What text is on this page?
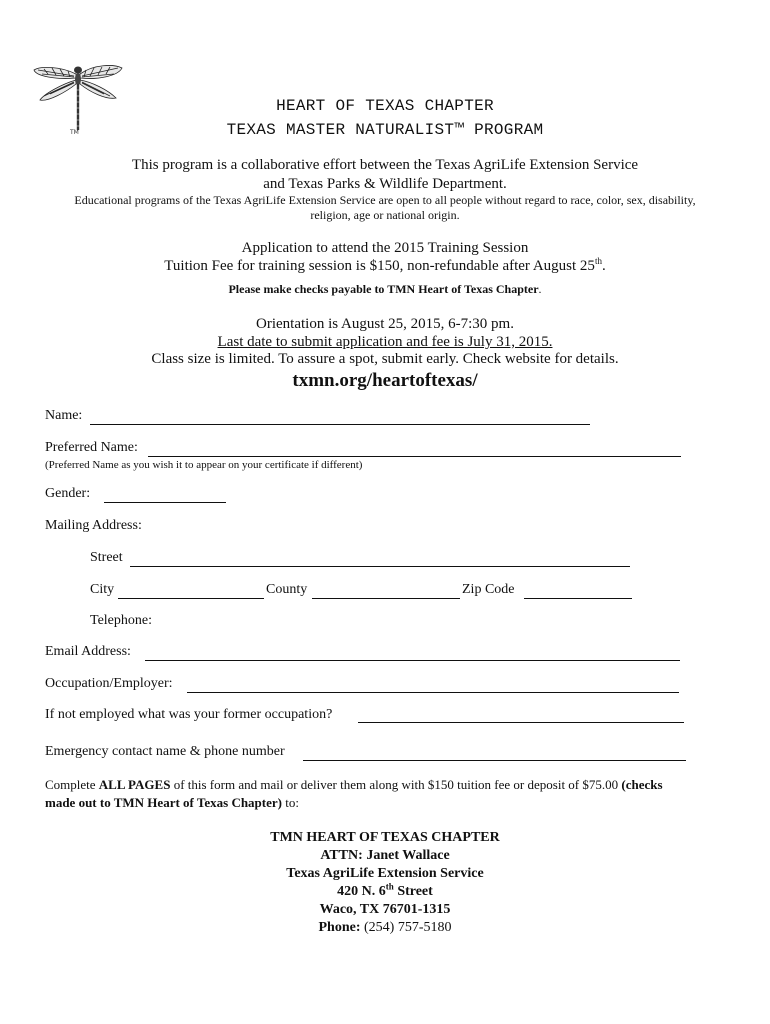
TM
HEART OF TEXAS CHAPTER
TEXAS MASTER NATURALIST™ PROGRAM
This program is a collaborative effort between the Texas AgriLife Extension Service
and Texas Parks & Wildlife Department.
Educational programs of the Texas AgriLife Extension Service are open to all people without regard to race, color, sex, disability,
religion, age or national origin.
Application to attend the 2015 Training Session
Tuition Fee for training session is $150, non-refundable after August 25th.
Please make checks payable to TMN Heart of Texas Chapter.
Orientation is August 25, 2015, 6-7:30 pm.
Last date to submit application and fee is July 31, 2015.
Class size is limited. To assure a spot, submit early. Check website for details.
txmn.org/heartoftexas/
Name:
Preferred Name:
(Preferred Name as you wish it to appear on your certificate if different)
Gender:
Mailing Address:
Street
City	County	Zip Code
Telephone:
Email Address:
Occupation/Employer:
If not employed what was your former occupation?
Emergency contact name & phone number
Complete ALL PAGES of this form and mail or deliver them along with $150 tuition fee or deposit of $75.00 (checks
made out to TMN Heart of Texas Chapter) to:
TMN HEART OF TEXAS CHAPTER
ATTN: Janet Wallace
Texas AgriLife Extension Service
420 N. 6th Street
Waco, TX 76701-1315
Phone: (254) 757-5180
